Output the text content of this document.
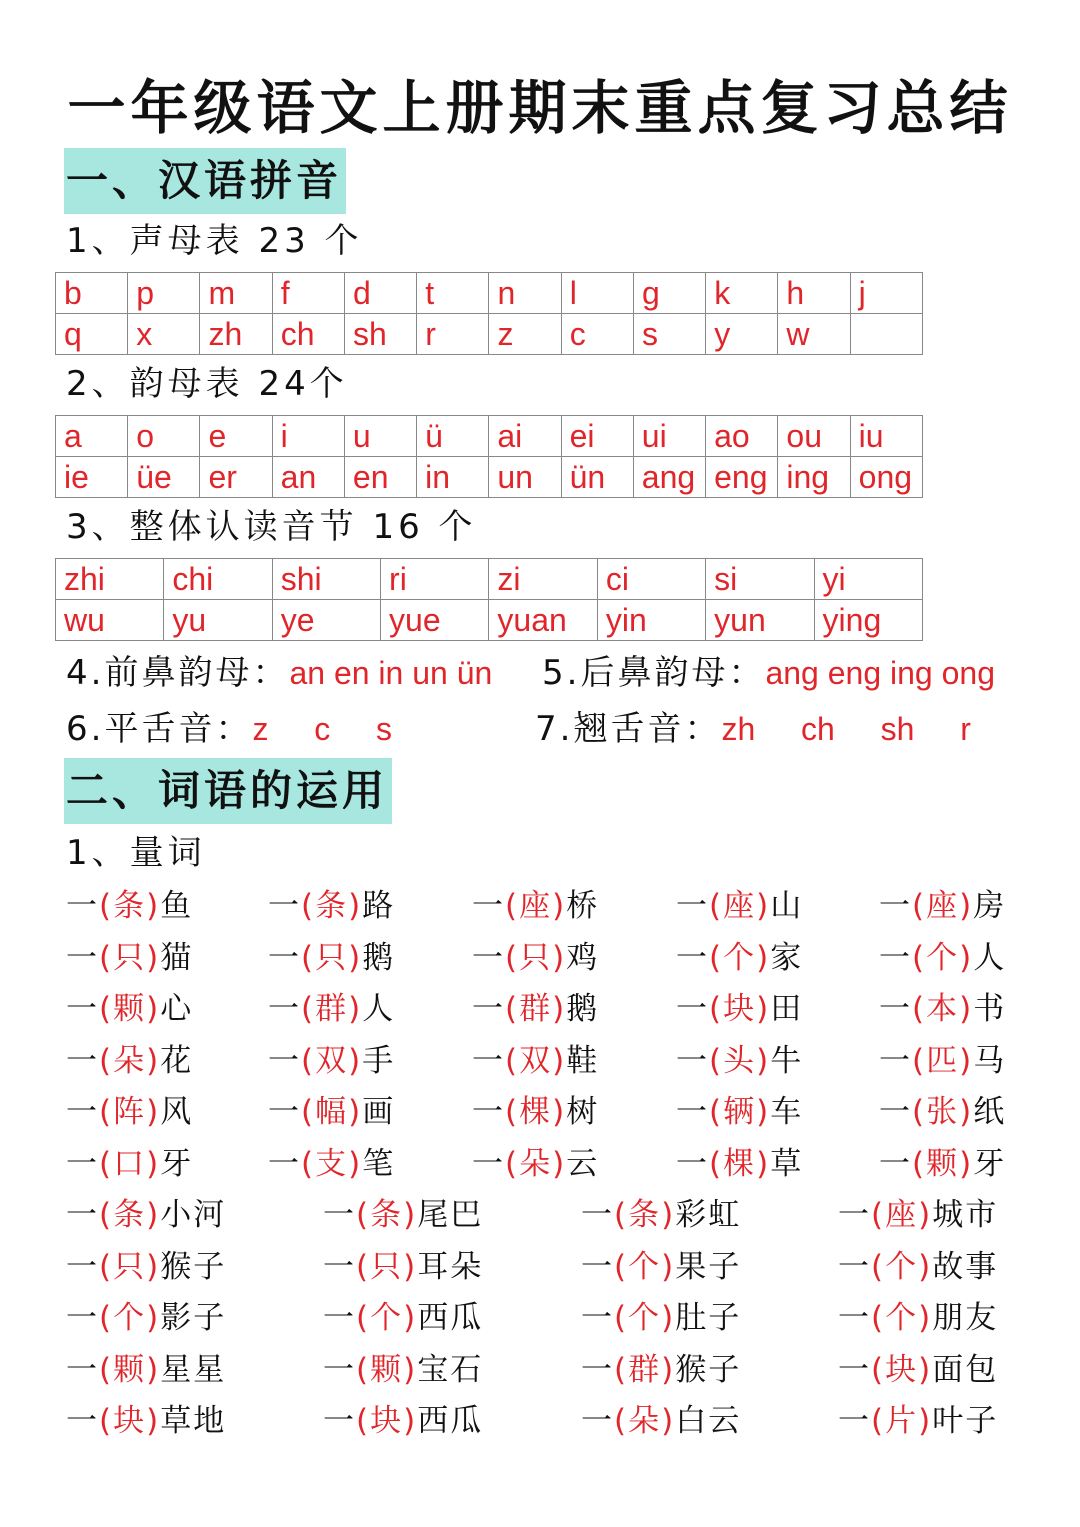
一年级语文上册期末重点复习总结
一、汉语拼音
1、声母表 23 个
b	p	m	f	d	t	n	l	g	k	h	j
q	x	zh	ch	sh	r	z	c	s	y	w	
2、韵母表 24个
a	o	e	i	u	ü	ai	ei	ui	ao	ou	iu
ie	üe	er	an	en	in	un	ün	ang	eng	ing	ong
3、整体认读音节 16 个
zhi	chi	shi	ri	zi	ci	si	yi
wu	yu	ye	yue	yuan	yin	yun	ying
4.前鼻韵母：an en in un ün 5.后鼻韵母：ang eng ing ong
6.平舌音：z  c  s	7.翘舌音：zh  ch  sh  r
二、词语的运用
1、量词
一(条)鱼 一(条)路 一(座)桥 一(座)山 一(座)房
一(只)猫 一(只)鹅 一(只)鸡 一(个)家 一(个)人
一(颗)心 一(群)人 一(群)鹅 一(块)田 一(本)书
一(朵)花 一(双)手 一(双)鞋 一(头)牛 一(匹)马
一(阵)风 一(幅)画 一(棵)树 一(辆)车 一(张)纸
一(口)牙 一(支)笔 一(朵)云 一(棵)草 一(颗)牙
一(条)小河	一(条)尾巴	一(条)彩虹	一(座)城市
一(只)猴子	一(只)耳朵	一(个)果子	一(个)故事
一(个)影子	一(个)西瓜	一(个)肚子	一(个)朋友
一(颗)星星	一(颗)宝石	一(群)猴子	一(块)面包
一(块)草地	一(块)西瓜	一(朵)白云	一(片)叶子
